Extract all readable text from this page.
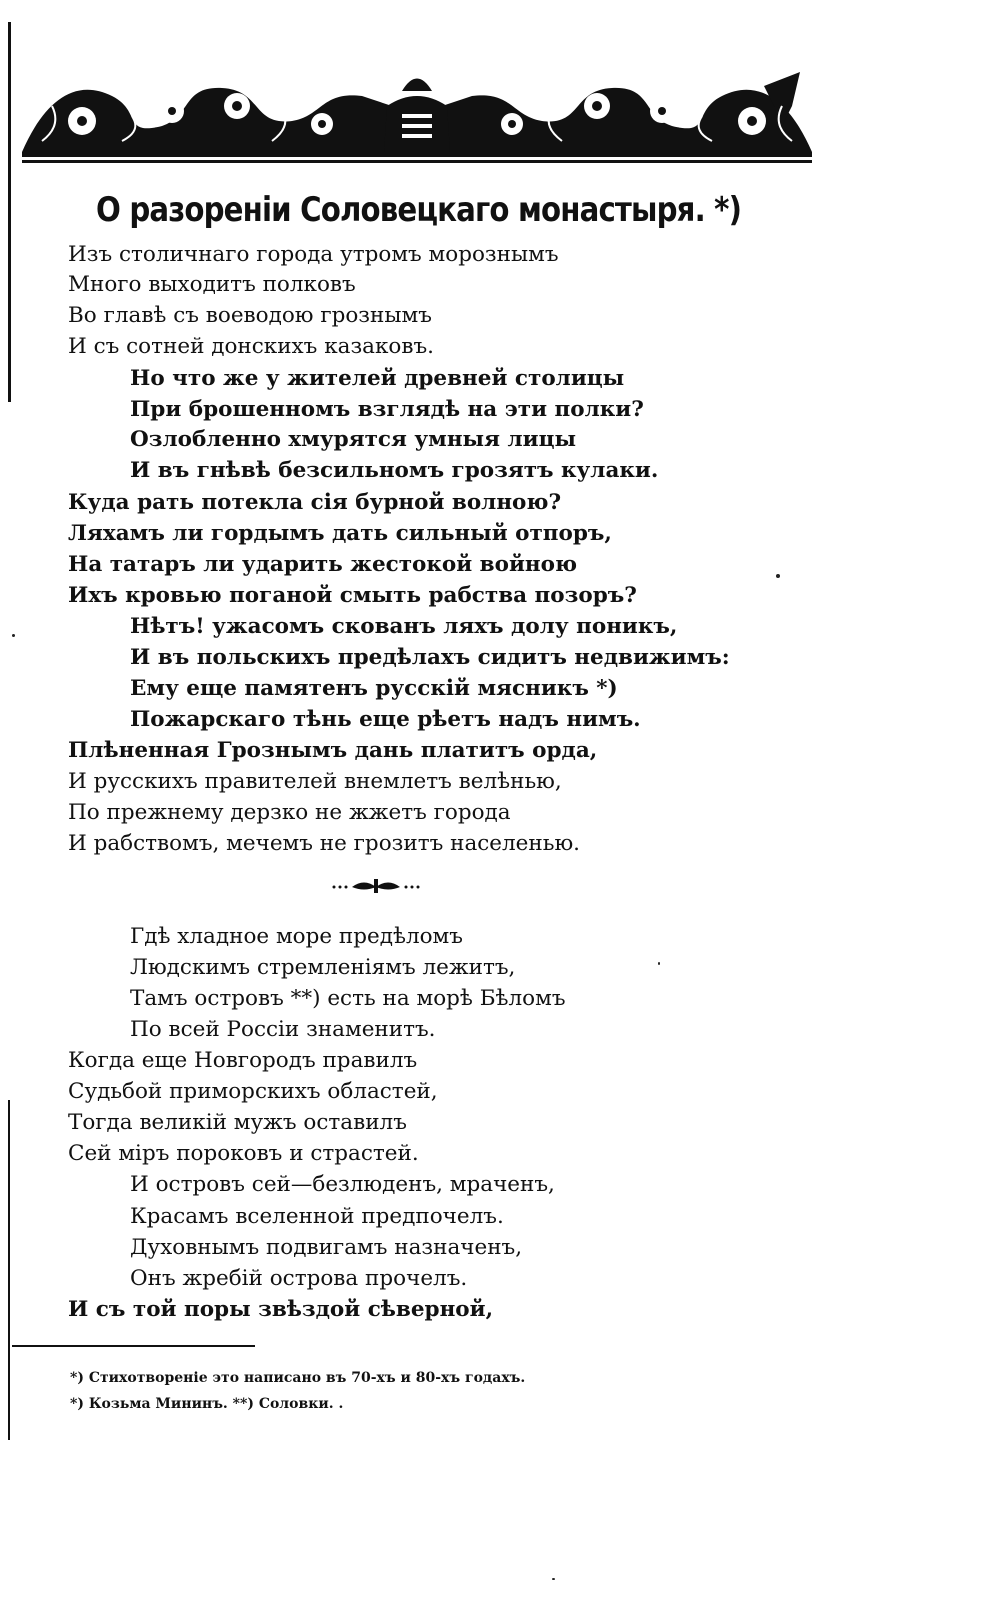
О разореніи Соловецкаго монастыря. *)
Изъ столичнаго города утромъ морознымъ
Много выходитъ полковъ
Во главѣ съ воеводою грознымъ
И съ сотней донскихъ казаковъ.
Но что же у жителей древней столицы
При брошенномъ взглядѣ на эти полки?
Озлобленно хмурятся умныя лицы
И въ гнѣвѣ безсильномъ грозятъ кулаки.
Куда рать потекла сія бурной волною?
Ляхамъ ли гордымъ дать сильный отпоръ,
На татаръ ли ударить жестокой войною
Ихъ кровью поганой смыть рабства позоръ?
Нѣтъ! ужасомъ скованъ ляхъ долу поникъ,
И въ польскихъ предѣлахъ сидитъ недвижимъ:
Ему еще памятенъ русскій мясникъ *)
Пожарскаго тѣнь еще рѣетъ надъ нимъ.
Плѣненная Грознымъ дань платитъ орда,
И русскихъ правителей внемлетъ велѣнью,
По прежнему дерзко не жжетъ города
И рабствомъ, мечемъ не грозитъ населенью.
Гдѣ хладное море предѣломъ
Людскимъ стремленіямъ лежитъ,
Тамъ островъ **) есть на морѣ Бѣломъ
По всей Россіи знаменитъ.
Когда еще Новгородъ правилъ
Судьбой приморскихъ областей,
Тогда великій мужъ оставилъ
Сей міръ пороковъ и страстей.
И островъ сей—безлюденъ, мраченъ,
Красамъ вселенной предпочелъ.
Духовнымъ подвигамъ назначенъ,
Онъ жребій острова прочелъ.
И съ той поры звѣздой сѣверной,
*) Стихотвореніе это написано въ 70-хъ и 80-хъ годахъ.
*) Козьма Мининъ. **) Соловки. .
